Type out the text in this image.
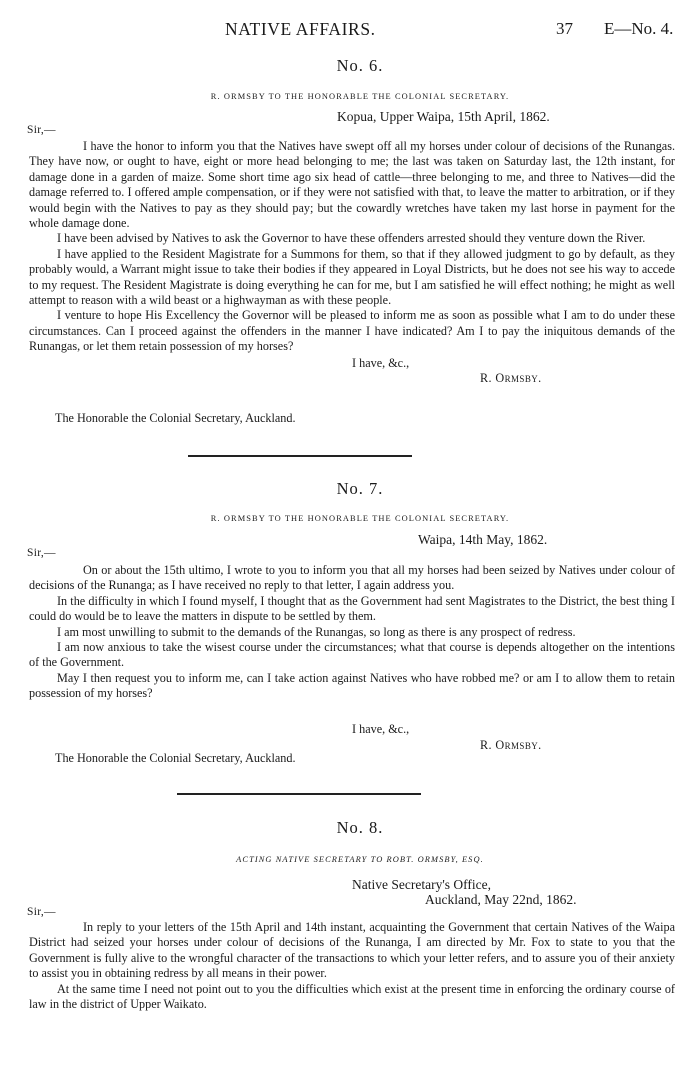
NATIVE AFFAIRS.	37 E—No. 4.
No. 6.
R. ORMSBY TO THE HONORABLE THE COLONIAL SECRETARY.
Kopua, Upper Waipa, 15th April, 1862.
Sir,—

I have the honor to inform you that the Natives have swept off all my horses under colour of decisions of the Runangas. They have now, or ought to have, eight or more head belonging to me; the last was taken on Saturday last, the 12th instant, for damage done in a garden of maize. Some short time ago six head of cattle—three belonging to me, and three to Natives—did the damage referred to. I offered ample compensation, or if they were not satisfied with that, to leave the matter to arbitration, or if they would begin with the Natives to pay as they should pay; but the cowardly wretches have taken my last horse in payment for the whole damage done.

I have been advised by Natives to ask the Governor to have these offenders arrested should they venture down the River.

I have applied to the Resident Magistrate for a Summons for them, so that if they allowed judgment to go by default, as they probably would, a Warrant might issue to take their bodies if they appeared in Loyal Districts, but he does not see his way to accede to my request. The Resident Magistrate is doing everything he can for me, but I am satisfied he will effect nothing; he might as well attempt to reason with a wild beast or a highwayman as with these people.

I venture to hope His Excellency the Governor will be pleased to inform me as soon as possible what I am to do under these circumstances. Can I proceed against the offenders in the manner I have indicated? Am I to pay the iniquitous demands of the Runangas, or let them retain possession of my horses?

I have, &c.,
R. Ormsby.
The Honorable the Colonial Secretary, Auckland.
No. 7.
R. ORMSBY TO THE HONORABLE THE COLONIAL SECRETARY.
Waipa, 14th May, 1862.
Sir,—

On or about the 15th ultimo, I wrote to you to inform you that all my horses had been seized by Natives under colour of decisions of the Runanga; as I have received no reply to that letter, I again address you.

In the difficulty in which I found myself, I thought that as the Government had sent Magistrates to the District, the best thing I could do would be to leave the matters in dispute to be settled by them.

I am most unwilling to submit to the demands of the Runangas, so long as there is any prospect of redress.

I am now anxious to take the wisest course under the circumstances; what that course is depends altogether on the intentions of the Government.

May I then request you to inform me, can I take action against Natives who have robbed me? or am I to allow them to retain possession of my horses?

I have, &c.,
R. Ormsby.
The Honorable the Colonial Secretary, Auckland.
No. 8.
ACTING NATIVE SECRETARY TO ROBT. ORMSBY, ESQ.
Native Secretary's Office,
Auckland, May 22nd, 1862.
Sir,—

In reply to your letters of the 15th April and 14th instant, acquainting the Government that certain Natives of the Waipa District had seized your horses under colour of decisions of the Runanga, I am directed by Mr. Fox to state to you that the Government is fully alive to the wrongful character of the transactions to which your letter refers, and to assure you of their anxiety to assist you in obtaining redress by all means in their power.

At the same time I need not point out to you the difficulties which exist at the present time in enforcing the ordinary course of law in the district of Upper Waikato.
